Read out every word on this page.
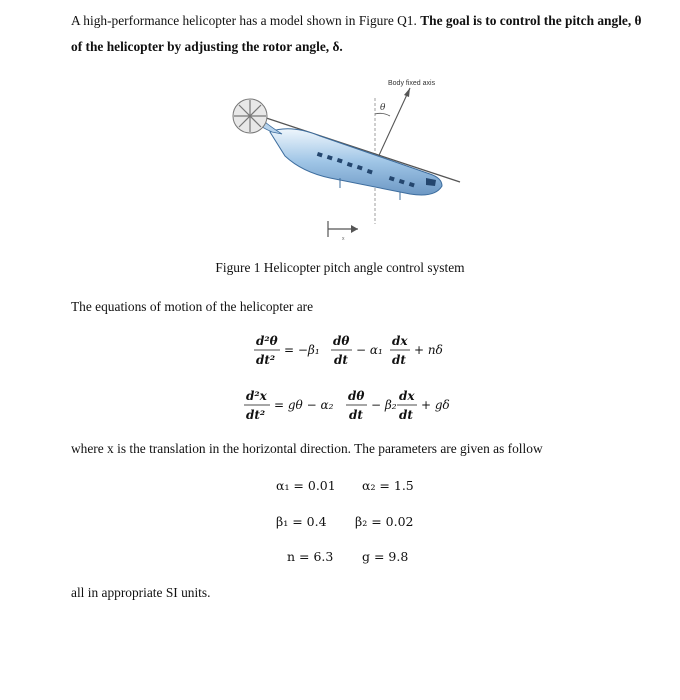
A high-performance helicopter has a model shown in Figure Q1. The goal is to control the pitch angle, θ of the helicopter by adjusting the rotor angle, δ.

θ
Body fixed axis
x
Figure 1 Helicopter pitch angle control system

The equations of motion of the helicopter are

d²θ
dt²
= −β₁
dθ
dt
− α₁
dx
dt
+ nδ
d²x
dt²
= gθ − α₂
dθ
dt
− β₂
dx
dt
+ gδ

where x is the translation in the horizontal direction. The parameters are given as follow

α₁ = 0.01 α₂ = 1.5
β₁ = 0.4 β₂ = 0.02
n = 6.3 g = 9.8

all in appropriate SI units.
